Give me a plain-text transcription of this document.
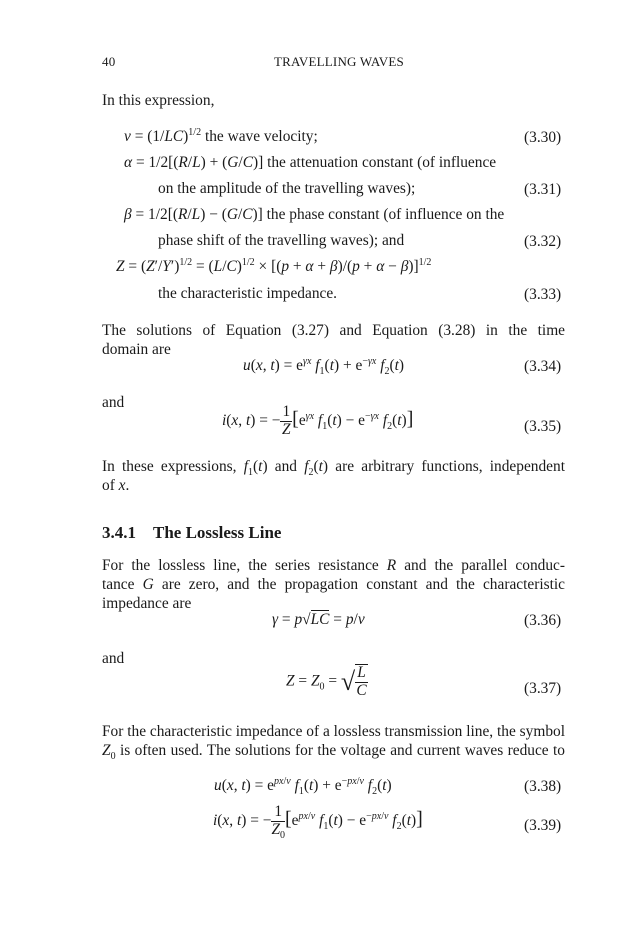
40	TRAVELLING WAVES
In this expression,
$v = (1/LC)^{1/2}$ the wave velocity;	(3.30)
α = 1/2[(R/L) + (G/C)] the attenuation constant (of influence
on the amplitude of the travelling waves);	(3.31)
β = 1/2[(R/L) − (G/C)] the phase constant (of influence on the
phase shift of the travelling waves); and	(3.32)
$Z = (Z'/Y')^{1/2} = (L/C)^{1/2} \times [(p + \alpha + \beta)/(p + \alpha - \beta)]^{1/2}$
the characteristic impedance.	(3.33)
The solutions of Equation (3.27) and Equation (3.28) in the time
domain are
u(x, $t) = e^{\gamma x}$ $f_1(t) + e^{-\gamma x}$ $f_2(t)$	(3.34)
and
i(x, t) = − $\frac{1}{Z} [e^{\gamma x}$ $f_1(t) - e^{-\gamma x}$ $f_2(t)$]	(3.35)
In these expressions, $f_1(t)$ and $f_2(t)$ are arbitrary functions, independent
of x.
3.4.1 The Lossless Line
For the lossless line, the series resistance R and the parallel conduc-
tance G are zero, and the propagation constant and the characteristic
impedance are
γ = p√LC = p/v	(3.36)
and
$Z = Z_0$ = √ $\frac{L}{C}$	(3.37)
For the characteristic impedance of a lossless transmission line, the symbol
$Z_0$ is often used. The solutions for the voltage and current waves reduce to
u(x, $t) = e^{px/v}$ $f_1(t) + e^{-px/v}$ $f_2(t)$	(3.38)
i(x, t) = − $\frac{1}{Z_0} [e^{px/v}$ $f_1(t) - e^{-px/v}$ $f_2(t)$]	(3.39)
